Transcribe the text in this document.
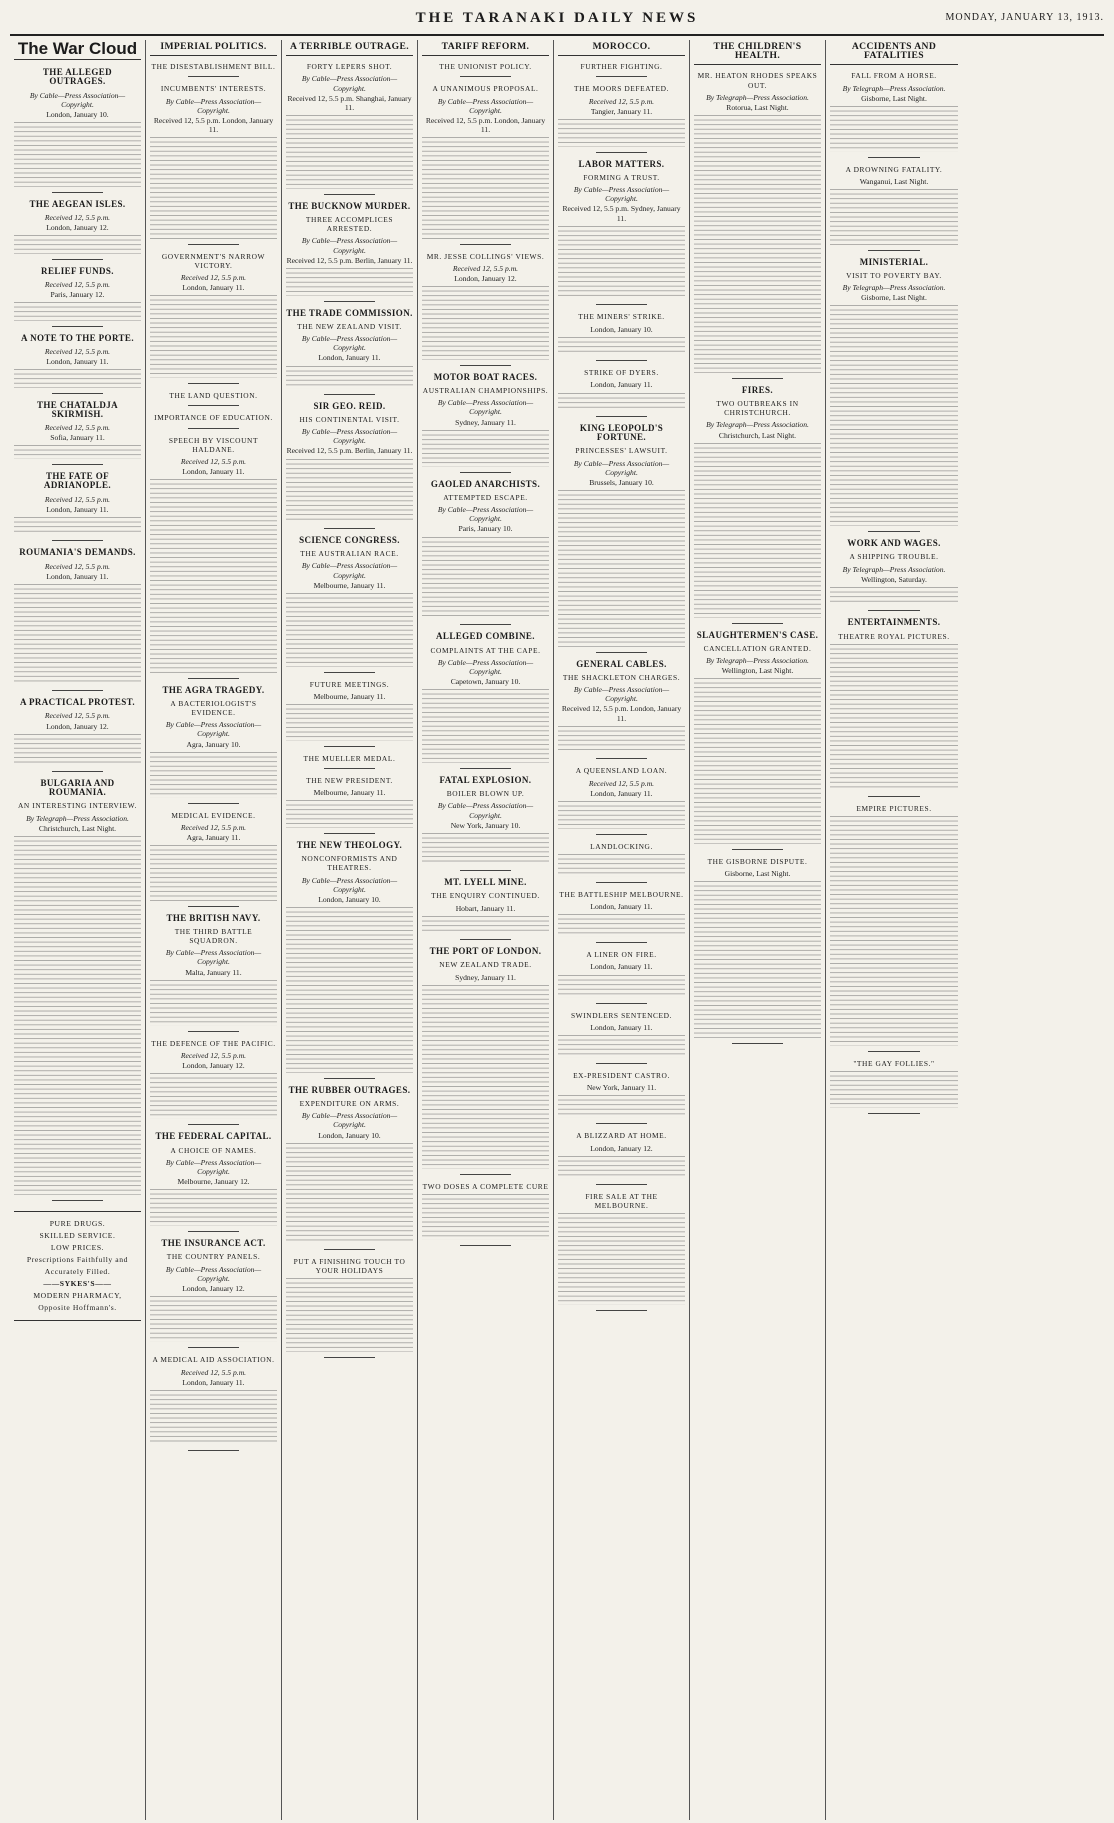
THE TARANAKI DAILY NEWS	MONDAY, JANUARY 13, 1913.
The War Cloud
THE ALLEGED OUTRAGES.
By Cable—Press Association—Copyright.
London, January 10.
THE AEGEAN ISLES.
Received 12, 5.5 p.m.
London, January 12.
RELIEF FUNDS.
Received 12, 5.5 p.m.
Paris, January 12.
A NOTE TO THE PORTE.
Received 12, 5.5 p.m.
London, January 11.
THE CHATALDJA SKIRMISH.
Received 12, 5.5 p.m.
Sofia, January 11.
THE FATE OF ADRIANOPLE.
Received 12, 5.5 p.m.
London, January 11.
ROUMANIA'S DEMANDS.
Received 12, 5.5 p.m.
London, January 11.
A PRACTICAL PROTEST.
Received 12, 5.5 p.m.
London, January 12.
BULGARIA AND ROUMANIA.
AN INTERESTING INTERVIEW.
By Telegraph—Press Association.
Christchurch, Last Night.
PURE DRUGS.
SKILLED SERVICE.
LOW PRICES.
Prescriptions Faithfully and Accurately Filled.
——SYKES'S——
MODERN PHARMACY,
Opposite Hoffmann's.
IMPERIAL POLITICS.
THE DISESTABLISHMENT BILL.
INCUMBENTS' INTERESTS.
By Cable—Press Association—Copyright.
Received 12, 5.5 p.m. London, January 11.
GOVERNMENT'S NARROW VICTORY.
Received 12, 5.5 p.m.
London, January 11.
THE LAND QUESTION.
IMPORTANCE OF EDUCATION.
SPEECH BY VISCOUNT HALDANE.
Received 12, 5.5 p.m.
London, January 11.
THE AGRA TRAGEDY.
A BACTERIOLOGIST'S EVIDENCE.
By Cable—Press Association—Copyright.
Agra, January 10.
MEDICAL EVIDENCE.
Received 12, 5.5 p.m.
Agra, January 11.
THE BRITISH NAVY.
THE THIRD BATTLE SQUADRON.
By Cable—Press Association—Copyright.
Malta, January 11.
THE DEFENCE OF THE PACIFIC.
Received 12, 5.5 p.m.
London, January 12.
THE FEDERAL CAPITAL.
A CHOICE OF NAMES.
By Cable—Press Association—Copyright.
Melbourne, January 12.
THE INSURANCE ACT.
THE COUNTRY PANELS.
By Cable—Press Association—Copyright.
London, January 12.
A MEDICAL AID ASSOCIATION.
Received 12, 5.5 p.m.
London, January 11.
A TERRIBLE OUTRAGE.
FORTY LEPERS SHOT.
By Cable—Press Association—Copyright.
Received 12, 5.5 p.m. Shanghai, January 11.
THE BUCKNOW MURDER.
THREE ACCOMPLICES ARRESTED.
By Cable—Press Association—Copyright.
Received 12, 5.5 p.m. Berlin, January 11.
THE TRADE COMMISSION.
THE NEW ZEALAND VISIT.
By Cable—Press Association—Copyright.
London, January 11.
SIR GEO. REID.
HIS CONTINENTAL VISIT.
By Cable—Press Association—Copyright.
Received 12, 5.5 p.m. Berlin, January 11.
SCIENCE CONGRESS.
THE AUSTRALIAN RACE.
By Cable—Press Association—Copyright.
Melbourne, January 11.
FUTURE MEETINGS.
Melbourne, January 11.
THE MUELLER MEDAL.
THE NEW PRESIDENT.
Melbourne, January 11.
THE NEW THEOLOGY.
NONCONFORMISTS AND THEATRES.
By Cable—Press Association—Copyright.
London, January 10.
THE RUBBER OUTRAGES.
EXPENDITURE ON ARMS.
By Cable—Press Association—Copyright.
London, January 10.
PUT A FINISHING TOUCH TO YOUR HOLIDAYS
TARIFF REFORM.
THE UNIONIST POLICY.
A UNANIMOUS PROPOSAL.
By Cable—Press Association—Copyright.
Received 12, 5.5 p.m. London, January 11.
MR. JESSE COLLINGS' VIEWS.
Received 12, 5.5 p.m.
London, January 12.
MOTOR BOAT RACES.
AUSTRALIAN CHAMPIONSHIPS.
By Cable—Press Association—Copyright.
Sydney, January 11.
GAOLED ANARCHISTS.
ATTEMPTED ESCAPE.
By Cable—Press Association—Copyright.
Paris, January 10.
ALLEGED COMBINE.
COMPLAINTS AT THE CAPE.
By Cable—Press Association—Copyright.
Capetown, January 10.
FATAL EXPLOSION.
BOILER BLOWN UP.
By Cable—Press Association—Copyright.
New York, January 10.
MT. LYELL MINE.
THE ENQUIRY CONTINUED.
Hobart, January 11.
THE PORT OF LONDON.
NEW ZEALAND TRADE.
Sydney, January 11.
TWO DOSES A COMPLETE CURE
MOROCCO.
FURTHER FIGHTING.
THE MOORS DEFEATED.
Received 12, 5.5 p.m.
Tangier, January 11.
LABOR MATTERS.
FORMING A TRUST.
By Cable—Press Association—Copyright.
Received 12, 5.5 p.m. Sydney, January 11.
THE MINERS' STRIKE.
London, January 10.
STRIKE OF DYERS.
London, January 11.
KING LEOPOLD'S FORTUNE.
PRINCESSES' LAWSUIT.
By Cable—Press Association—Copyright.
Brussels, January 10.
GENERAL CABLES.
THE SHACKLETON CHARGES.
By Cable—Press Association—Copyright.
Received 12, 5.5 p.m. London, January 11.
A QUEENSLAND LOAN.
Received 12, 5.5 p.m.
London, January 11.
LANDLOCKING.
THE BATTLESHIP MELBOURNE.
London, January 11.
A LINER ON FIRE.
London, January 11.
SWINDLERS SENTENCED.
London, January 11.
EX-PRESIDENT CASTRO.
New York, January 11.
A BLIZZARD AT HOME.
London, January 12.
FIRE SALE AT THE MELBOURNE.
THE CHILDREN'S HEALTH.
MR. HEATON RHODES SPEAKS OUT.
By Telegraph—Press Association.
Rotorua, Last Night.
FIRES.
TWO OUTBREAKS IN CHRISTCHURCH.
By Telegraph—Press Association.
Christchurch, Last Night.
SLAUGHTERMEN'S CASE.
CANCELLATION GRANTED.
By Telegraph—Press Association.
Wellington, Last Night.
THE GISBORNE DISPUTE.
Gisborne, Last Night.
ACCIDENTS AND FATALITIES
FALL FROM A HORSE.
By Telegraph—Press Association.
Gisborne, Last Night.
A DROWNING FATALITY.
Wanganui, Last Night.
MINISTERIAL.
VISIT TO POVERTY BAY.
By Telegraph—Press Association.
Gisborne, Last Night.
WORK AND WAGES.
A SHIPPING TROUBLE.
By Telegraph—Press Association.
Wellington, Saturday.
ENTERTAINMENTS.
THEATRE ROYAL PICTURES.
EMPIRE PICTURES.
"THE GAY FOLLIES."
